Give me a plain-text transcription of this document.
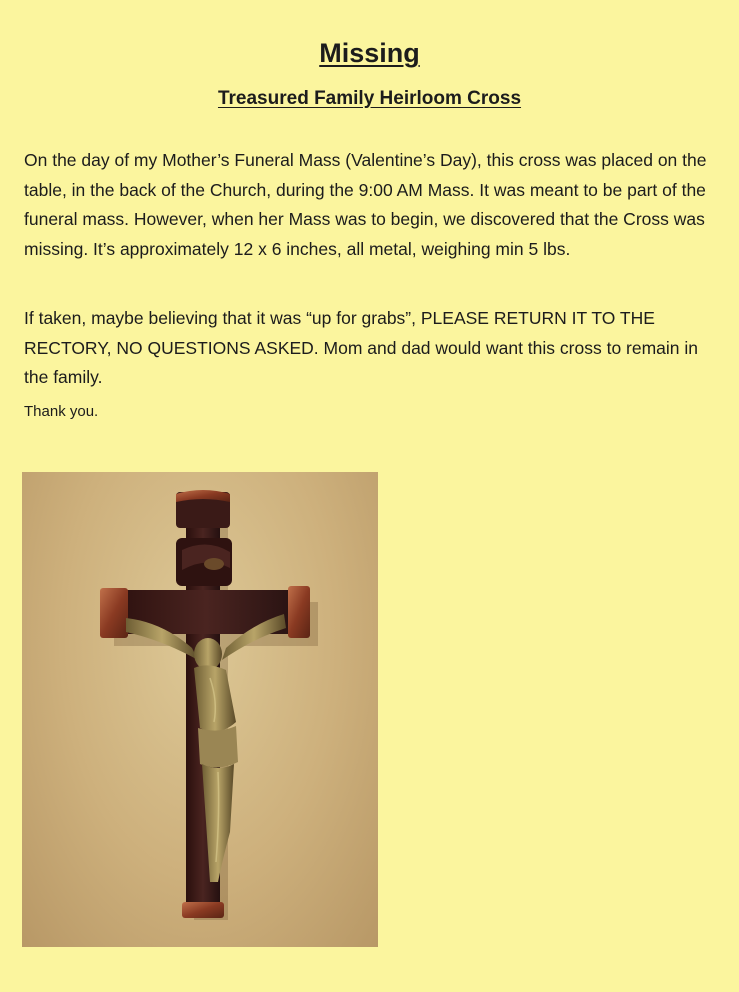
Missing
Treasured Family Heirloom Cross

On the day of my Mother’s Funeral Mass (Valentine’s Day), this cross was placed on the table, in the back of the Church, during the 9:00 AM Mass. It was meant to be part of the funeral mass. However, when her Mass was to begin, we discovered that the Cross was missing. It’s approximately 12 x 6 inches, all metal, weighing min 5 lbs.

If taken, maybe believing that it was “up for grabs”, PLEASE RETURN IT TO THE RECTORY, NO QUESTIONS ASKED. Mom and dad would want this cross to remain in the family.

Thank you.
